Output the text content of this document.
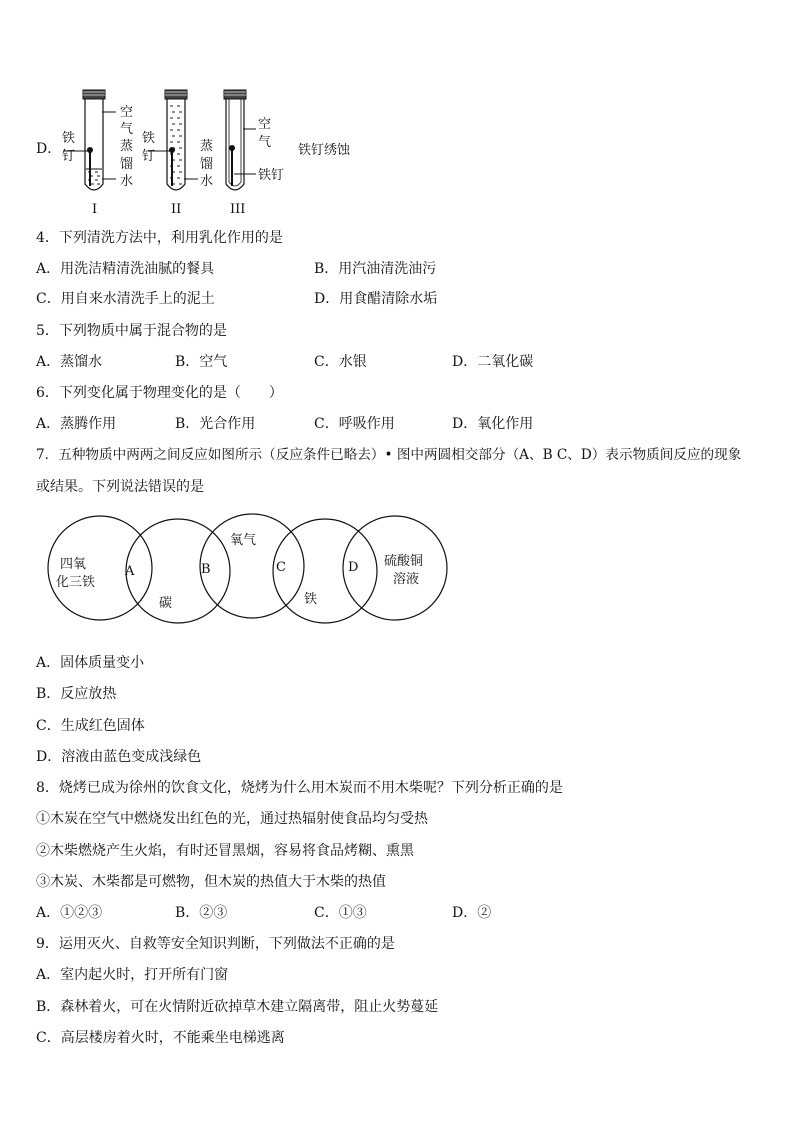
D．
铁
钉
空
气
蒸
馏
水
I
铁
钉
蒸
馏
水
II
空
气
铁钉
III
铁钉绣蚀
4．下列清洗方法中，利用乳化作用的是
A．用洗洁精清洗油腻的餐具	B．用汽油清洗油污
C．用自来水清洗手上的泥土	D．用食醋清除水垢
5．下列物质中属于混合物的是
A．蒸馏水	B．空气	C．水银	D．二氧化碳
6．下列变化属于物理变化的是（　　）
A．蒸腾作用	B．光合作用	C．呼吸作用	D．氧化作用
7．五种物质中两两之间反应如图所示（反应条件已略去）• 图中两圆相交部分（A、B C、D）表示物质间反应的现象
或结果。下列说法错误的是
四氧
化三铁
碳
氧气
铁
硫酸铜
溶液
A	B	C	D
A．固体质量变小
B．反应放热
C．生成红色固体
D．溶液由蓝色变成浅绿色
8．烧烤已成为徐州的饮食文化，烧烤为什么用木炭而不用木柴呢？下列分析正确的是
①木炭在空气中燃烧发出红色的光，通过热辐射使食品均匀受热
②木柴燃烧产生火焰，有时还冒黑烟，容易将食品烤糊、熏黑
③木炭、木柴都是可燃物，但木炭的热值大于木柴的热值
A．①②③	B．②③	C．①③	D．②
9．运用灭火、自救等安全知识判断，下列做法不正确的是
A．室内起火时，打开所有门窗
B．森林着火，可在火情附近砍掉草木建立隔离带，阻止火势蔓延
C．高层楼房着火时，不能乘坐电梯逃离
